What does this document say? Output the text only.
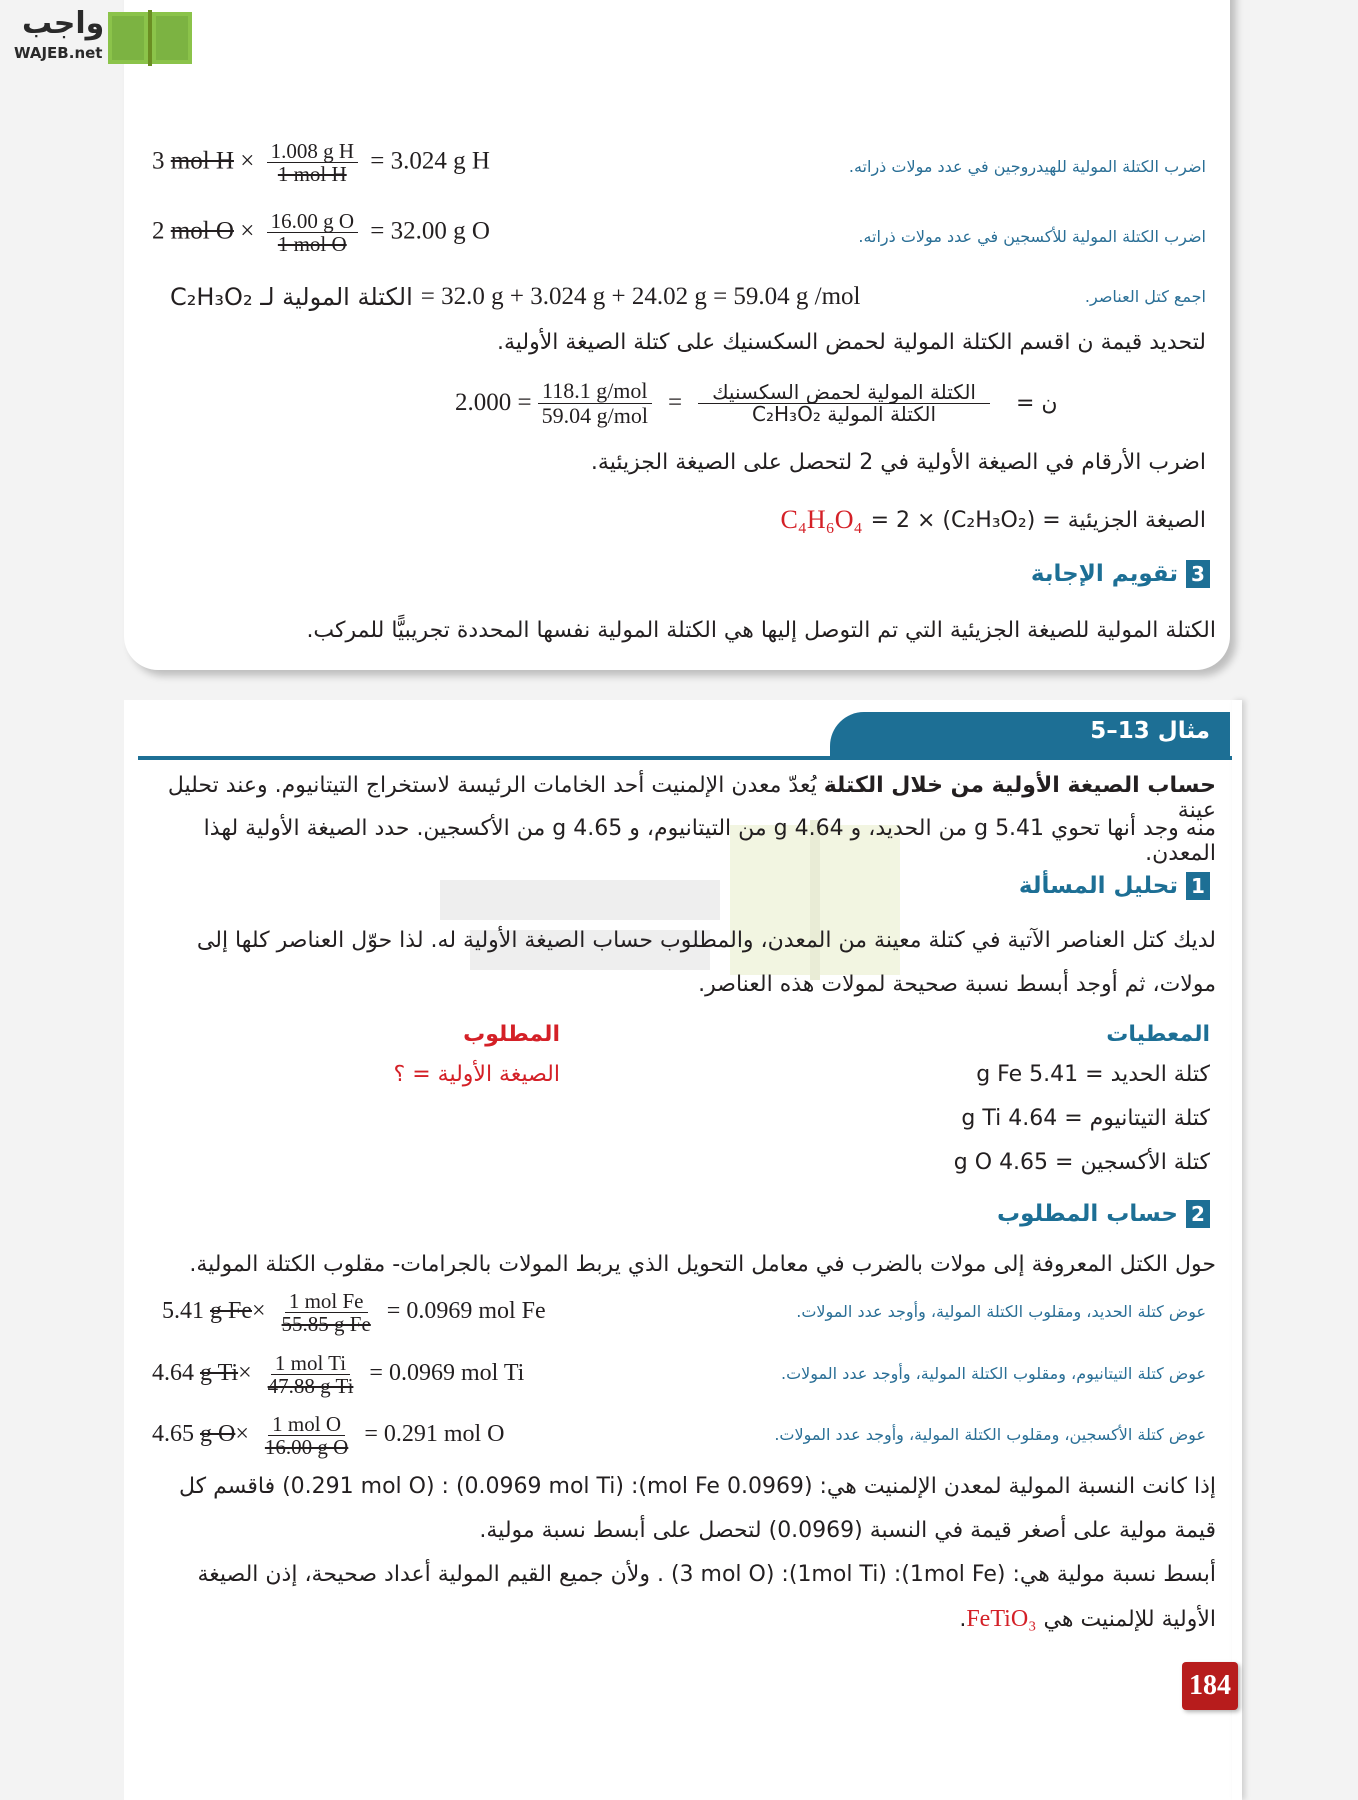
واجب
WAJEB.net
اضرب الكتلة المولية للهيدروجين في عدد مولات ذراته.
3 mol $H \times \frac{\text{1.008 g H}}{\text{1 mol H}} = 3.024$ g H
اضرب الكتلة المولية للأكسجين في عدد مولات ذراته.
2 mol $O \times \frac{\text{16.00 g O}}{\text{1 mol O}} = 32.00$ g O
اجمع كتل العناصر.
الكتلة المولية لـ C₂H₃O₂ = 32.0 g + 3.024 g + 24.02 g = 59.04 g /mol
لتحديد قيمة ن اقسم الكتلة المولية لحمض السكسنيك على كتلة الصيغة الأولية.
$2.000 = \frac{\text{118.1 g/mol}}{\text{59.04 g/mol}} = \frac{\text{الكتلة المولية لحمض السكسنيك}}{\text{الكتلة المولية C₂H₃O₂}}$ ن =
اضرب الأرقام في الصيغة الأولية في 2 لتحصل على الصيغة الجزيئية.
C₄H₆O₄ الصيغة الجزيئية = (C₂H₃O₂) × 2 =
3تقويم الإجابة
الكتلة المولية للصيغة الجزيئية التي تم التوصل إليها هي الكتلة المولية نفسها المحددة تجريبيًّا للمركب.
مثال 13–5
حساب الصيغة الأولية من خلال الكتلة يُعدّ معدن الإلمنيت أحد الخامات الرئيسة لاستخراج التيتانيوم. وعند تحليل عينة
منه وجد أنها تحوي 5.41 g من الحديد، و 4.64 g من التيتانيوم، و 4.65 g من الأكسجين. حدد الصيغة الأولية لهذا المعدن.
1تحليل المسألة
لديك كتل العناصر الآتية في كتلة معينة من المعدن، والمطلوب حساب الصيغة الأولية له. لذا حوّل العناصر كلها إلى
مولات، ثم أوجد أبسط نسبة صحيحة لمولات هذه العناصر.
المعطيات
كتلة الحديد = 5.41 g Fe
كتلة التيتانيوم = 4.64 g Ti
كتلة الأكسجين = 4.65 g O
المطلوب
الصيغة الأولية = ؟
2حساب المطلوب
حول الكتل المعروفة إلى مولات بالضرب في معامل التحويل الذي يربط المولات بالجرامات- مقلوب الكتلة المولية.
عوض كتلة الحديد، ومقلوب الكتلة المولية، وأوجد عدد المولات.
5.41 g $Fe\times \frac{\text{1 mol Fe}}{\text{55.85 g Fe}} = 0.0969$ mol Fe
عوض كتلة التيتانيوم، ومقلوب الكتلة المولية، وأوجد عدد المولات.
4.64 g $Ti\times \frac{\text{1 mol Ti}}{\text{47.88 g Ti}} = 0.0969$ mol Ti
عوض كتلة الأكسجين، ومقلوب الكتلة المولية، وأوجد عدد المولات.
4.65 g $O\times \frac{\text{1 mol O}}{\text{16.00 g O}} = 0.291$ mol O
إذا كانت النسبة المولية لمعدن الإلمنيت هي: (0.0969 mol Fe): (0.0969 mol Ti) : (0.291 mol O) فاقسم كل
قيمة مولية على أصغر قيمة في النسبة (0.0969) لتحصل على أبسط نسبة مولية.
أبسط نسبة مولية هي: (1mol Fe): (1mol Ti): (3 mol O) . ولأن جميع القيم المولية أعداد صحيحة، إذن الصيغة
الأولية للإلمنيت هي FeTiO₃.
184
